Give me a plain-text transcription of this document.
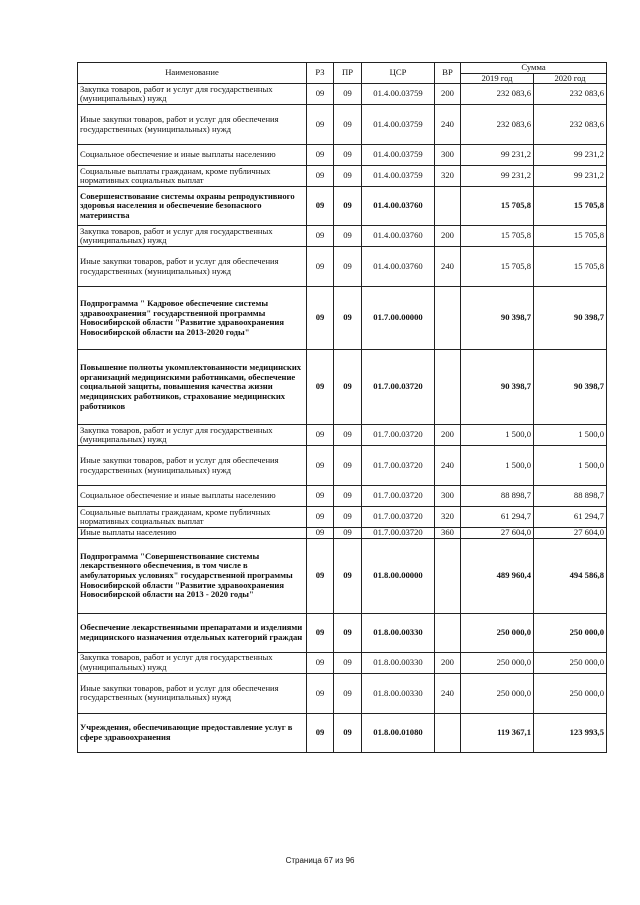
Наименование	РЗ	ПР	ЦСР	ВР	Сумма	
					2019 год	2020 год
Закупка товаров, работ и услуг для государственных (муниципальных) нужд	09	09	01.4.00.03759	200	232 083,6	232 083,6
Иные закупки товаров, работ и услуг для обеспечения государственных (муниципальных) нужд	09	09	01.4.00.03759	240	232 083,6	232 083,6
Социальное обеспечение и иные выплаты населению	09	09	01.4.00.03759	300	99 231,2	99 231,2
Социальные выплаты гражданам, кроме публичных нормативных социальных выплат	09	09	01.4.00.03759	320	99 231,2	99 231,2
Совершенствование системы охраны репродуктивного здоровья населения и обеспечение безопасного материнства	09	09	01.4.00.03760		15 705,8	15 705,8
Закупка товаров, работ и услуг для государственных (муниципальных) нужд	09	09	01.4.00.03760	200	15 705,8	15 705,8
Иные закупки товаров, работ и услуг для обеспечения государственных (муниципальных) нужд	09	09	01.4.00.03760	240	15 705,8	15 705,8
Подпрограмма " Кадровое обеспечение системы здравоохранения" государственной программы Новосибирской области "Развитие здравоохранения Новосибирской области на 2013-2020 годы"	09	09	01.7.00.00000		90 398,7	90 398,7
Повышение полноты укомплектованности медицинских организаций медицинскими работниками, обеспечение социальной защиты, повышения качества жизни медицинских работников, страхование медицинских работников	09	09	01.7.00.03720		90 398,7	90 398,7
Закупка товаров, работ и услуг для государственных (муниципальных) нужд	09	09	01.7.00.03720	200	1 500,0	1 500,0
Иные закупки товаров, работ и услуг для обеспечения государственных (муниципальных) нужд	09	09	01.7.00.03720	240	1 500,0	1 500,0
Социальное обеспечение и иные выплаты населению	09	09	01.7.00.03720	300	88 898,7	88 898,7
Социальные выплаты гражданам, кроме публичных нормативных социальных выплат	09	09	01.7.00.03720	320	61 294,7	61 294,7
Иные выплаты населению	09	09	01.7.00.03720	360	27 604,0	27 604,0
Подпрограмма "Совершенствование системы лекарственного обеспечения, в том числе в амбулаторных условиях" государственной программы Новосибирской области "Развитие здравоохранения Новосибирской области на 2013 - 2020 годы"	09	09	01.8.00.00000		489 960,4	494 586,8
Обеспечение лекарственными препаратами и изделиями медицинского назначения отдельных категорий граждан	09	09	01.8.00.00330		250 000,0	250 000,0
Закупка товаров, работ и услуг для государственных (муниципальных) нужд	09	09	01.8.00.00330	200	250 000,0	250 000,0
Иные закупки товаров, работ и услуг для обеспечения государственных (муниципальных) нужд	09	09	01.8.00.00330	240	250 000,0	250 000,0
Учреждения, обеспечивающие предоставление услуг в сфере здравоохранения	09	09	01.8.00.01080		119 367,1	123 993,5
Страница 67 из 96
